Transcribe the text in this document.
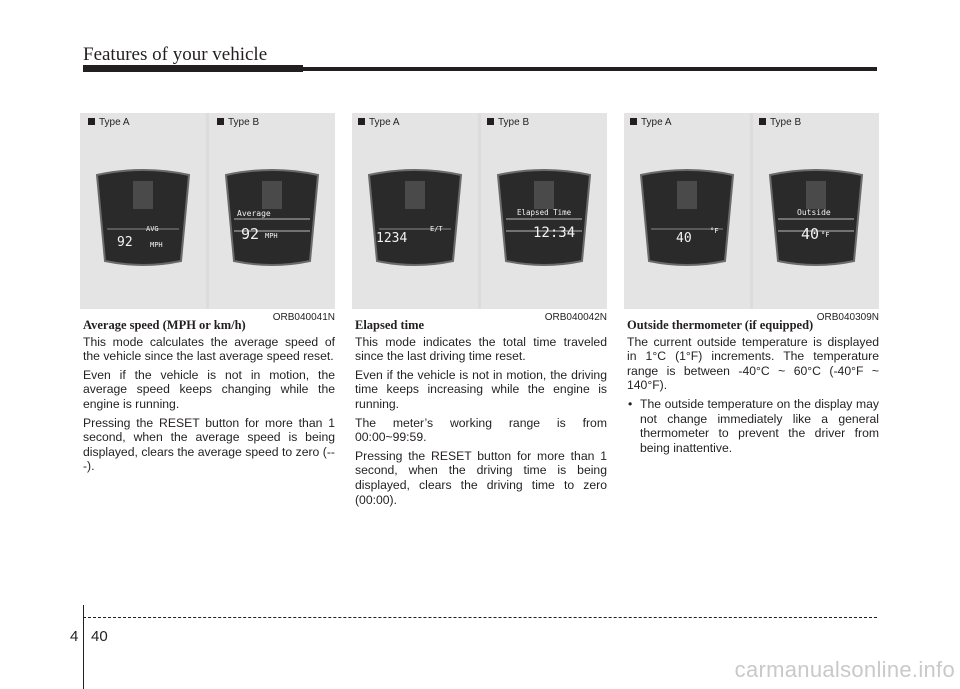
Features of your vehicle
Type A
AVG
92 MPH
Type B
Average
92 MPH
ORB040041N
Type A
E/T
1234
Type B
Elapsed Time
12:34
ORB040042N
Type A
40	°F
Type B
Outside
40 °F
ORB040309N
Average speed (MPH or km/h)

This mode calculates the average speed of the vehicle since the last average speed reset.

Even if the vehicle is not in motion, the average speed keeps changing while the engine is running.

Pressing the RESET button for more than 1 second, when the average speed is being displayed, clears the average speed to zero (---).

Elapsed time

This mode indicates the total time traveled since the last driving time reset.

Even if the vehicle is not in motion, the driving time keeps increasing while the engine is running.

The meter’s working range is from 00:00~99:59.

Pressing the RESET button for more than 1 second, when the driving time is being displayed, clears the driving time to zero (00:00).

Outside thermometer (if equipped)

The current outside temperature is displayed in 1°C (1°F) increments. The temperature range is between -40°C ~ 60°C (-40°F ~ 140°F).

• The outside temperature on the display may not change immediately like a general thermometer to prevent the driver from being inattentive.
4 40
carmanualsonline.info
